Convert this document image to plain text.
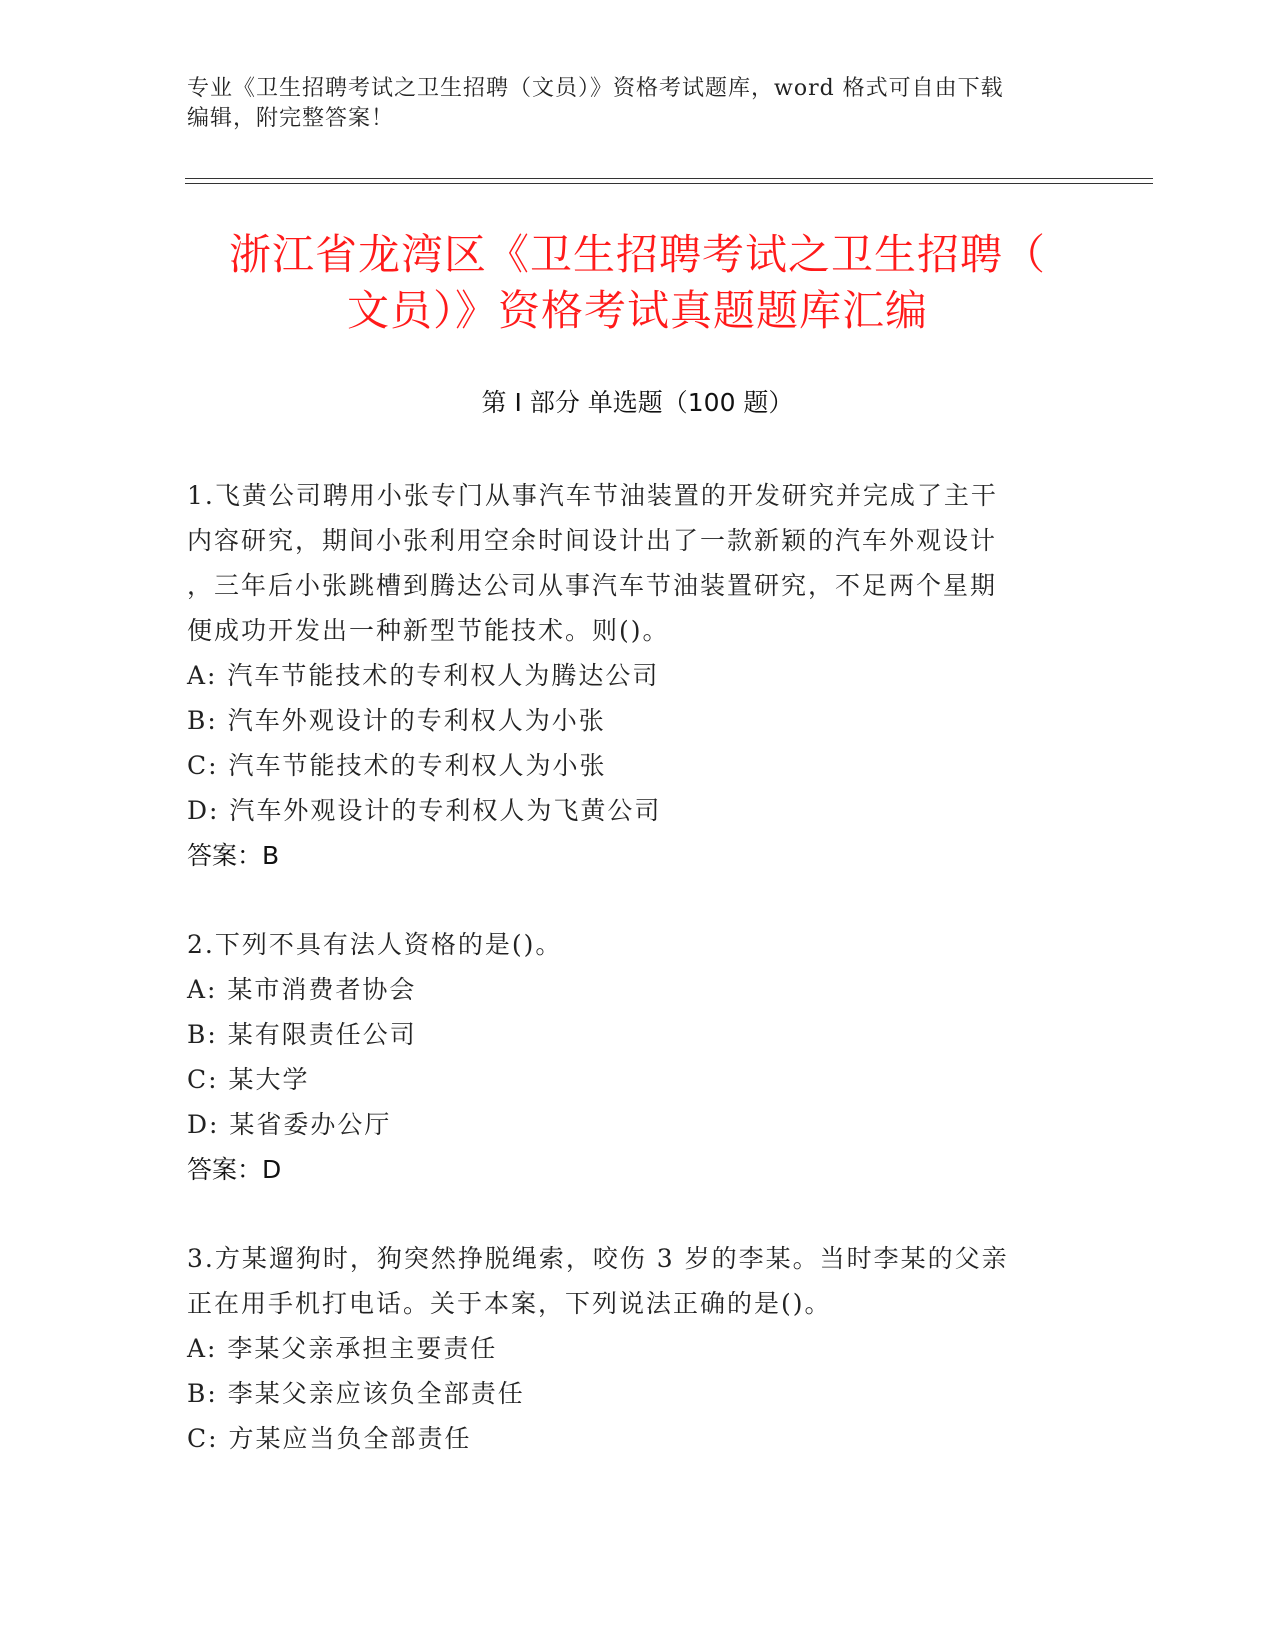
专业《卫生招聘考试之卫生招聘（文员）》资格考试题库，word 格式可自由下载
编辑，附完整答案！
浙江省龙湾区《卫生招聘考试之卫生招聘（
文员）》资格考试真题题库汇编
第 I 部分 单选题（100 题）
1.飞黄公司聘用小张专门从事汽车节油装置的开发研究并完成了主干
内容研究，期间小张利用空余时间设计出了一款新颖的汽车外观设计
，三年后小张跳槽到腾达公司从事汽车节油装置研究，不足两个星期
便成功开发出一种新型节能技术。则()。
A: 汽车节能技术的专利权人为腾达公司
B: 汽车外观设计的专利权人为小张
C: 汽车节能技术的专利权人为小张
D: 汽车外观设计的专利权人为飞黄公司
答案：B
2.下列不具有法人资格的是()。
A: 某市消费者协会
B: 某有限责任公司
C: 某大学
D: 某省委办公厅
答案：D
3.方某遛狗时，狗突然挣脱绳索，咬伤 3 岁的李某。当时李某的父亲
正在用手机打电话。关于本案，下列说法正确的是()。
A: 李某父亲承担主要责任
B: 李某父亲应该负全部责任
C: 方某应当负全部责任
